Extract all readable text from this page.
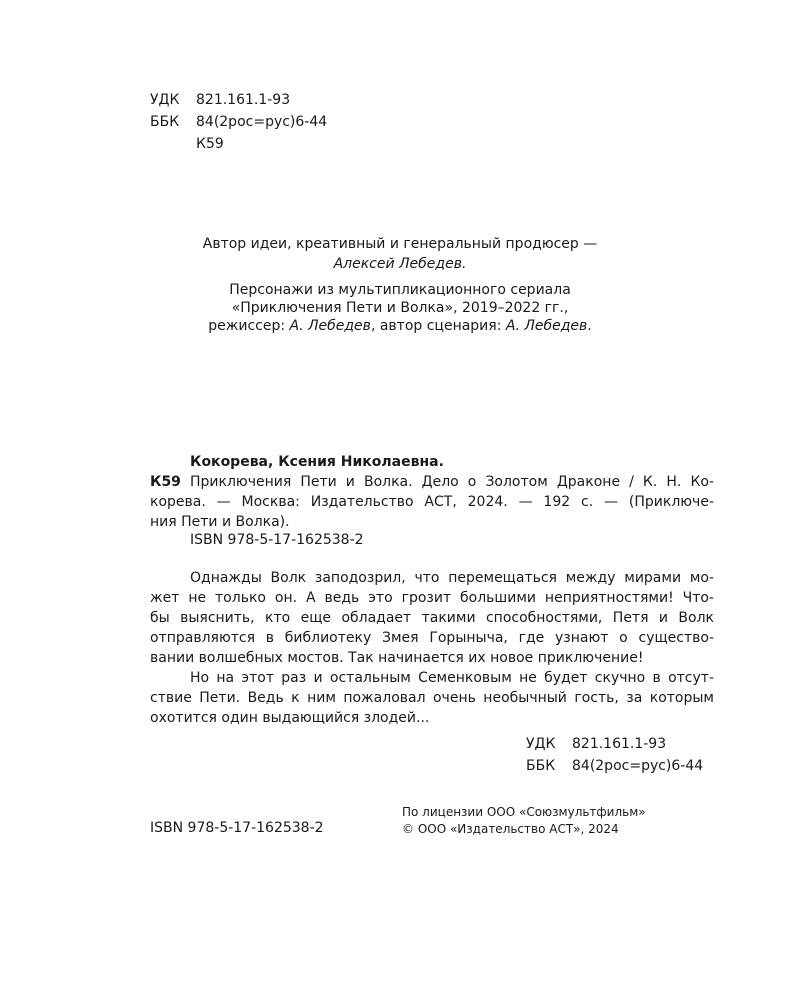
УДК 821.161.1-93
ББК 84(2рос=рус)6-44
К59
Автор идеи, креативный и генеральный продюсер —
Алексей Лебедев.
Персонажи из мультипликационного сериала
«Приключения Пети и Волка», 2019–2022 гг.,
режиссер: А. Лебедев, автор сценария: А. Лебедев.
Кокорева, Ксения Николаевна.
К59 Приключения Пети и Волка. Дело о Золотом Драконе / К. Н. Ко-
корева. — Москва: Издательство АСТ, 2024. — 192 с. — (Приключе-
ния Пети и Волка).
ISBN 978-5-17-162538-2
Однажды Волк заподозрил, что перемещаться между мирами мо-
жет не только он. А ведь это грозит большими неприятностями! Что-
бы выяснить, кто еще обладает такими способностями, Петя и Волк
отправляются в библиотеку Змея Горыныча, где узнают о существо-
вании волшебных мостов. Так начинается их новое приключение!
Но на этот раз и остальным Семенковым не будет скучно в отсут-
ствие Пети. Ведь к ним пожаловал очень необычный гость, за которым
охотится один выдающийся злодей...
УДК 821.161.1-93
ББК 84(2рос=рус)6-44
ISBN 978-5-17-162538-2
По лицензии ООО «Союзмультфильм»
© ООО «Издательство АСТ», 2024
